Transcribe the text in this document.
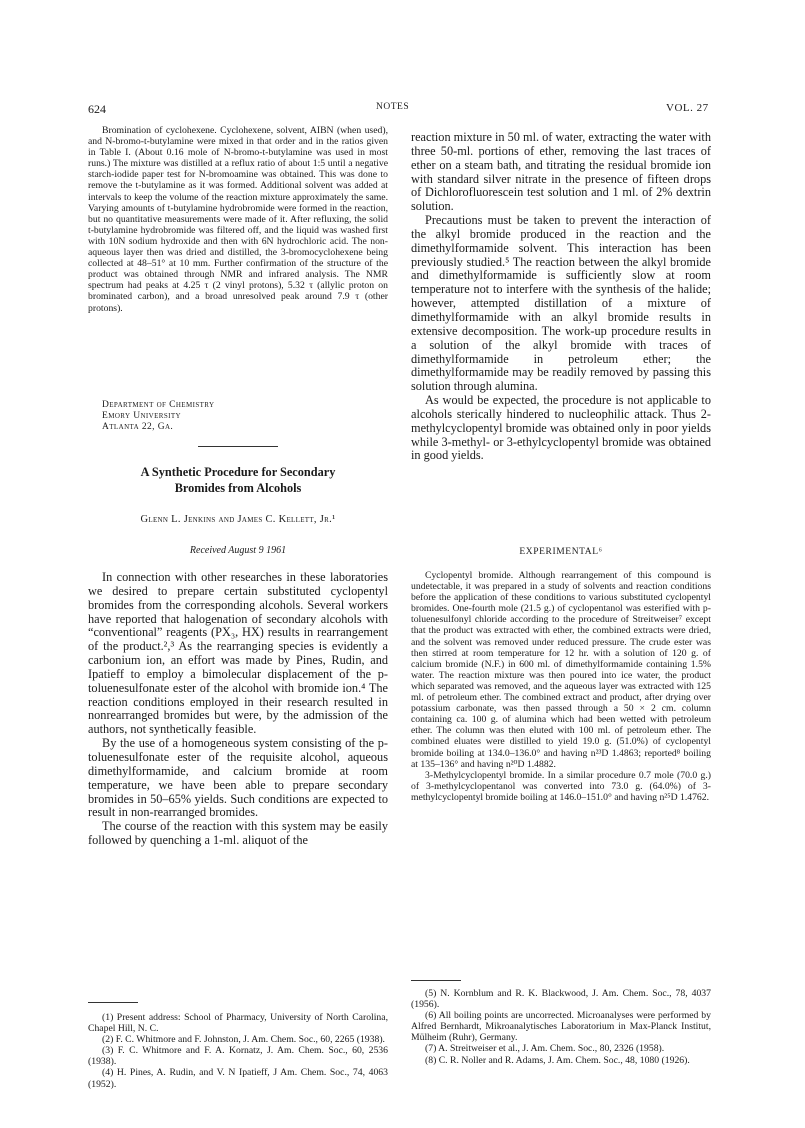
624	NOTES	VOL. 27

Bromination of cyclohexene. Cyclohexene, solvent, AIBN (when used), and N-bromo-t-butylamine were mixed in that order and in the ratios given in Table I. (About 0.16 mole of N-bromo-t-butylamine was used in most runs.) The mixture was distilled at a reflux ratio of about 1:5 until a negative starch-iodide paper test for N-bromoamine was obtained. This was done to remove the t-butylamine as it was formed. Additional solvent was added at intervals to keep the volume of the reaction mixture approximately the same. Varying amounts of t-butylamine hydrobromide were formed in the reaction, but no quantitative measurements were made of it. After refluxing, the solid t-butylamine hydrobromide was filtered off, and the liquid was washed first with 10N sodium hydroxide and then with 6N hydrochloric acid. The non-aqueous layer then was dried and distilled, the 3-bromocyclohexene being collected at 48–51° at 10 mm. Further confirmation of the structure of the product was obtained through NMR and infrared analysis. The NMR spectrum had peaks at 4.25 τ (2 vinyl protons), 5.32 τ (allylic proton on brominated carbon), and a broad unresolved peak around 7.9 τ (other protons).

Department of Chemistry
Emory University
Atlanta 22, Ga.
A Synthetic Procedure for Secondary
Bromides from Alcohols
Glenn L. Jenkins and James C. Kellett, Jr.¹
Received August 9 1961

In connection with other researches in these laboratories we desired to prepare certain substituted cyclopentyl bromides from the corresponding alcohols. Several workers have reported that halogenation of secondary alcohols with “conventional” reagents (PX₃, HX) results in rearrangement of the product.²,³ As the rearranging species is evidently a carbonium ion, an effort was made by Pines, Rudin, and Ipatieff to employ a bimolecular displacement of the p-toluenesulfonate ester of the alcohol with bromide ion.⁴ The reaction conditions employed in their research resulted in nonrearranged bromides but were, by the admission of the authors, not synthetically feasible.

By the use of a homogeneous system consisting of the p-toluenesulfonate ester of the requisite alcohol, aqueous dimethylformamide, and calcium bromide at room temperature, we have been able to prepare secondary bromides in 50–65% yields. Such conditions are expected to result in non-rearranged bromides.

The course of the reaction with this system may be easily followed by quenching a 1-ml. aliquot of the

(1) Present address: School of Pharmacy, University of North Carolina, Chapel Hill, N. C.

(2) F. C. Whitmore and F. Johnston, J. Am. Chem. Soc., 60, 2265 (1938).

(3) F. C. Whitmore and F. A. Kornatz, J. Am. Chem. Soc., 60, 2536 (1938).

(4) H. Pines, A. Rudin, and V. N Ipatieff, J Am. Chem. Soc., 74, 4063 (1952).

reaction mixture in 50 ml. of water, extracting the water with three 50-ml. portions of ether, removing the last traces of ether on a steam bath, and titrating the residual bromide ion with standard silver nitrate in the presence of fifteen drops of Dichlorofluorescein test solution and 1 ml. of 2% dextrin solution.

Precautions must be taken to prevent the interaction of the alkyl bromide produced in the reaction and the dimethylformamide solvent. This interaction has been previously studied.⁵ The reaction between the alkyl bromide and dimethylformamide is sufficiently slow at room temperature not to interfere with the synthesis of the halide; however, attempted distillation of a mixture of dimethylformamide with an alkyl bromide results in extensive decomposition. The work-up procedure results in a solution of the alkyl bromide with traces of dimethylformamide in petroleum ether; the dimethylformamide may be readily removed by passing this solution through alumina.

As would be expected, the procedure is not applicable to alcohols sterically hindered to nucleophilic attack. Thus 2-methylcyclopentyl bromide was obtained only in poor yields while 3-methyl- or 3-ethylcyclopentyl bromide was obtained in good yields.

EXPERIMENTAL⁶

Cyclopentyl bromide. Although rearrangement of this compound is undetectable, it was prepared in a study of solvents and reaction conditions before the application of these conditions to various substituted cyclopentyl bromides. One-fourth mole (21.5 g.) of cyclopentanol was esterified with p-toluenesulfonyl chloride according to the procedure of Streitweiser⁷ except that the product was extracted with ether, the combined extracts were dried, and the solvent was removed under reduced pressure. The crude ester was then stirred at room temperature for 12 hr. with a solution of 120 g. of calcium bromide (N.F.) in 600 ml. of dimethylformamide containing 1.5% water. The reaction mixture was then poured into ice water, the product which separated was removed, and the aqueous layer was extracted with 125 ml. of petroleum ether. The combined extract and product, after drying over potassium carbonate, was then passed through a 50 × 2 cm. column containing ca. 100 g. of alumina which had been wetted with petroleum ether. The column was then eluted with 100 ml. of petroleum ether. The combined eluates were distilled to yield 19.0 g. (51.0%) of cyclopentyl bromide boiling at 134.0–136.0° and having n²³D 1.4863; reported⁸ boiling at 135–136° and having n²⁰D 1.4882.

3-Methylcyclopentyl bromide. In a similar procedure 0.7 mole (70.0 g.) of 3-methylcyclopentanol was converted into 73.0 g. (64.0%) of 3-methylcyclopentyl bromide boiling at 146.0–151.0° and having n²⁵D 1.4762.

(5) N. Kornblum and R. K. Blackwood, J. Am. Chem. Soc., 78, 4037 (1956).

(6) All boiling points are uncorrected. Microanalyses were performed by Alfred Bernhardt, Mikroanalytisches Laboratorium in Max-Planck Institut, Mülheim (Ruhr), Germany.

(7) A. Streitweiser et al., J. Am. Chem. Soc., 80, 2326 (1958).

(8) C. R. Noller and R. Adams, J. Am. Chem. Soc., 48, 1080 (1926).
